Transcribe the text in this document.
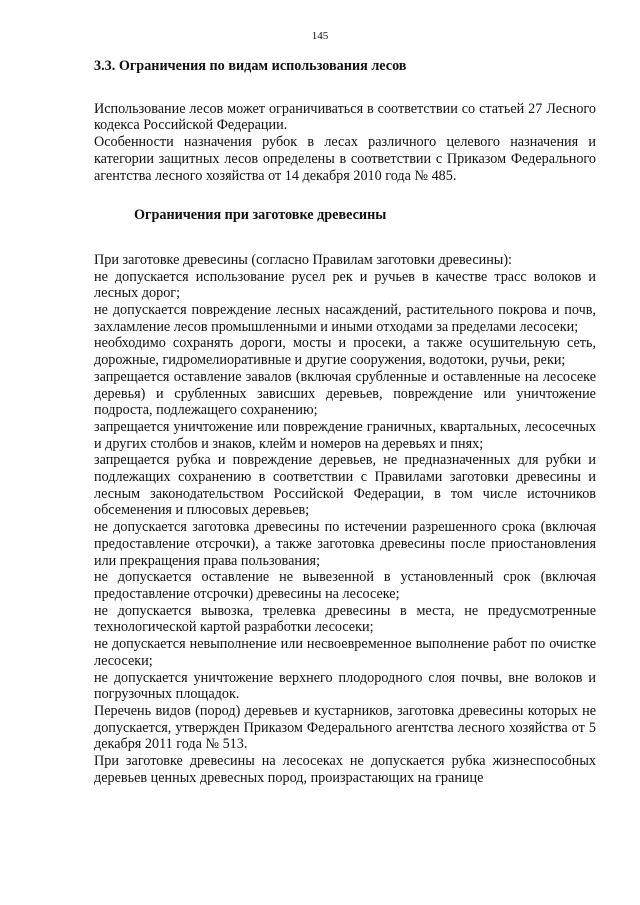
145
3.3. Ограничения по видам использования лесов

Использование лесов может ограничиваться в соответствии со статьей 27 Лесного кодекса Российской Федерации.

Особенности назначения рубок в лесах различного целевого назначения и категории защитных лесов определены в соответствии с Приказом Федерального агентства лесного хозяйства от 14 декабря 2010 года № 485.

Ограничения при заготовке древесины

При заготовке древесины (согласно Правилам заготовки древесины):

не допускается использование русел рек и ручьев в качестве трасс волоков и лесных дорог;

не допускается повреждение лесных насаждений, растительного покрова и почв, захламление лесов промышленными и иными отходами за пределами лесосеки;

необходимо сохранять дороги, мосты и просеки, а также осушительную сеть, дорожные, гидромелиоративные и другие сооружения, водотоки, ручьи, реки;

запрещается оставление завалов (включая срубленные и оставленные на лесосеке деревья) и срубленных зависших деревьев, повреждение или уничтожение подроста, подлежащего сохранению;

запрещается уничтожение или повреждение граничных, квартальных, лесосечных и других столбов и знаков, клейм и номеров на деревьях и пнях;

запрещается рубка и повреждение деревьев, не предназначенных для рубки и подлежащих сохранению в соответствии с Правилами заготовки древесины и лесным законодательством Российской Федерации, в том числе источников обсеменения и плюсовых деревьев;

не допускается заготовка древесины по истечении разрешенного срока (включая предоставление отсрочки), а также заготовка древесины после приостановления или прекращения права пользования;

не допускается оставление не вывезенной в установленный срок (включая предоставление отсрочки) древесины на лесосеке;

не допускается вывозка, трелевка древесины в места, не предусмотренные технологической картой разработки лесосеки;

не допускается невыполнение или несвоевременное выполнение работ по очистке лесосеки;

не допускается уничтожение верхнего плодородного слоя почвы, вне волоков и погрузочных площадок.

Перечень видов (пород) деревьев и кустарников, заготовка древесины которых не допускается, утвержден Приказом Федерального агентства лесного хозяйства от 5 декабря 2011 года № 513.

При заготовке древесины на лесосеках не допускается рубка жизнеспособных деревьев ценных древесных пород, произрастающих на границе
